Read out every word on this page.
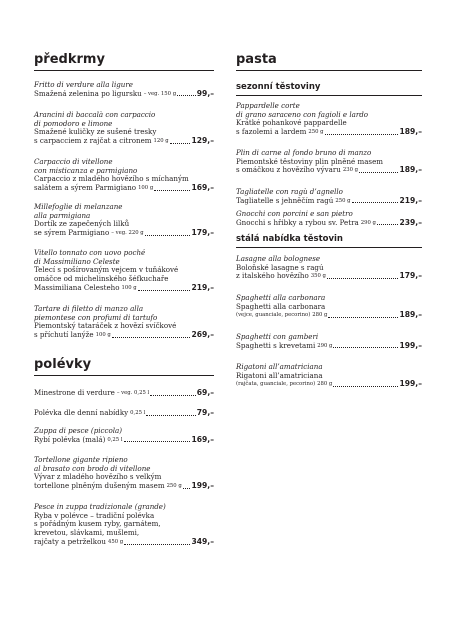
předkrmy
Fritto di verdure alla ligure
Smažená zelenina po ligursku – veg. 150 g	99,–
Arancini di baccalà con carpaccio
di pomodoro e limone
Smažené kuličky ze sušené tresky
s carpacciem z rajčat a citronem 120 g	129,–
Carpaccio di vitellone
con misticanza e parmigiano
Carpaccio z mladého hovězího s míchaným
salátem a sýrem Parmigiano 100 g	169,–
Millefoglie di melanzane
alla parmigiana
Dortík ze zapečených lilků
se sýrem Parmigiano – veg. 220 g	179,–
Vitello tonnato con uovo poché
di Massimiliano Celeste
Telecí s pošírovaným vejcem v tuňákové
omáčce od michelinského šéfkuchaře
Massimiliana Celesteho 100 g	219,–
Tartare di filetto di manzo alla
piemontese con profumi di tartufo
Piemontský tataráček z hovězí svíčkové
s příchutí lanýže 100 g	269,–
polévky
Minestrone di verdure – veg. 0,25 l	69,–
Polévka dle denní nabídky 0,25 l	79,–
Zuppa di pesce (piccola)
Rybí polévka (malá) 0,25 l	169,–
Tortellone gigante ripieno
al brasato con brodo di vitellone
Vývar z mladého hovězího s velkým
tortellone plněným dušeným masem 250 g 199,–
Pesce in zuppa tradizionale (grande)
Ryba v polévce – tradiční polévka
s pořádným kusem ryby, garnátem,
krevetou, slávkami, mušlemi,
rajčaty a petrželkou 450 g	349,–
pasta
sezonní těstoviny
Pappardelle corte
di grano saraceno con fagioli e lardo
Krátké pohankové pappardelle
s fazolemi a lardem 250 g	189,–
Plin di carne al fondo bruno di manzo
Piemontské těstoviny plin plněné masem
s omáčkou z hovězího vývaru 230 g	189,–
Tagliatelle con ragù d’agnello
Tagliatelle s jehněčím ragú 250 g	219,–
Gnocchi con porcini e san pietro
Gnocchi s hřibky a rybou sv. Petra 290 g	239,–
stálá nabídka těstovin
Lasagne alla bolognese
Boloňské lasagne s ragú
z italského hovězího 350 g	179,–
Spaghetti alla carbonara
Spaghetti alla carbonara
(vejce, guanciale, pecorino) 280 g	189,–
Spaghetti con gamberi
Spaghetti s krevetami 290 g	199,–
Rigatoni all’amatriciana
Rigatoni all’amatriciana
(rajčata, guanciale, pecorino) 280 g	199,–
